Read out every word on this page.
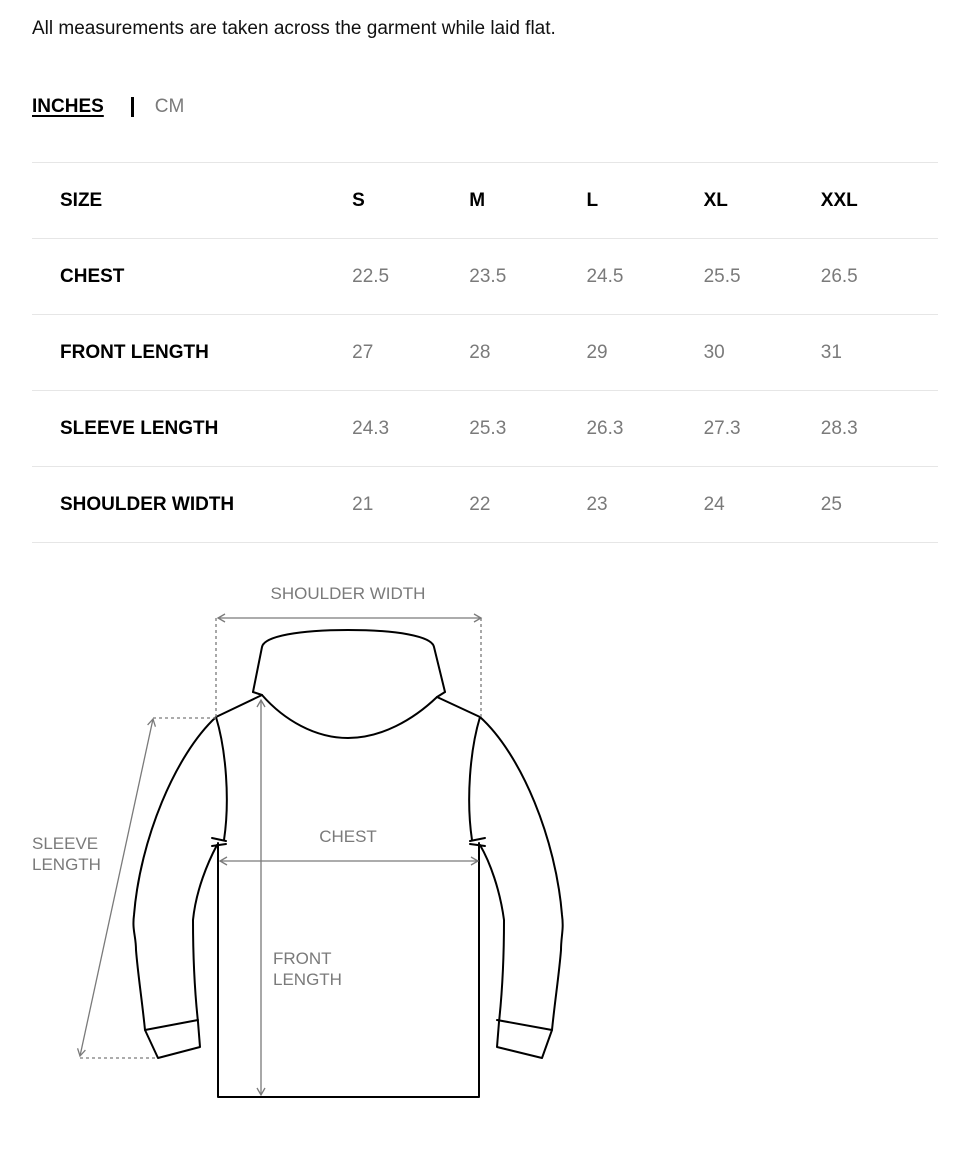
All measurements are taken across the garment while laid flat.

INCHES	CM
SIZE	S	M	L	XL	XXL
CHEST	22.5	23.5	24.5	25.5	26.5
FRONT LENGTH	27	28	29	30	31
SLEEVE LENGTH	24.3	25.3	26.3	27.3	28.3
SHOULDER WIDTH	21	22	23	24	25
SHOULDER WIDTH
CHEST
FRONT
LENGTH
SLEEVE
LENGTH
